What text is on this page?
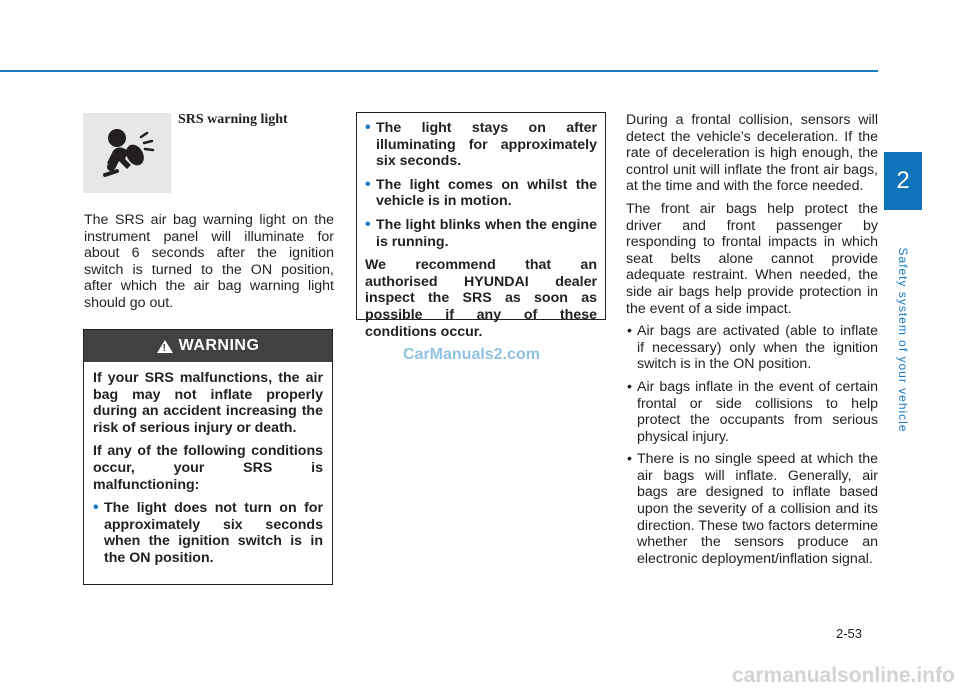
2
Safety system of your vehicle
SRS warning light
The SRS air bag warning light on the instrument panel will illuminate for about 6 seconds after the ignition switch is turned to the ON position, after which the air bag warning light should go out.
!
WARNING

If your SRS malfunctions, the air bag may not inflate properly during an accident increasing the risk of serious injury or death.

If any of the following conditions occur, your SRS is malfunctioning:

• The light does not turn on for approximately six seconds when the ignition switch is in the ON position.
• The light stays on after illuminating for approximately six seconds.
• The light comes on whilst the vehicle is in motion.
• The light blinks when the engine is running.

We recommend that an authorised HYUNDAI dealer inspect the SRS as soon as possible if any of these conditions occur.

During a frontal collision, sensors will detect the vehicle’s deceleration. If the rate of deceleration is high enough, the control unit will inflate the front air bags, at the time and with the force needed.

The front air bags help protect the driver and front passenger by responding to frontal impacts in which seat belts alone cannot provide adequate restraint. When needed, the side air bags help provide protection in the event of a side impact.

• Air bags are activated (able to inflate if necessary) only when the ignition switch is in the ON position.
• Air bags inflate in the event of certain frontal or side collisions to help protect the occupants from serious physical injury.
• There is no single speed at which the air bags will inflate. Generally, air bags are designed to inflate based upon the severity of a collision and its direction. These two factors determine whether the sensors produce an electronic deployment/inflation signal.
CarManuals2.com
2-53
carmanualsonline.info
